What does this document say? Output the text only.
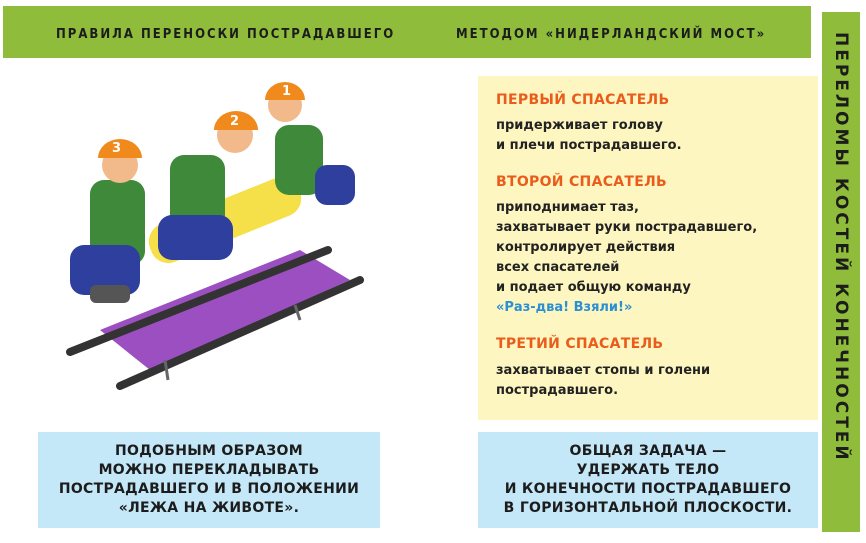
ПРАВИЛА ПЕРЕНОСКИ ПОСТРАДАВШЕГО	МЕТОДОМ «НИДЕРЛАНДСКИЙ МОСТ»	ПЕРЕЛОМЫ КОСТЕЙ КОНЕЧНОСТЕЙ
1
2
3
ПЕРВЫЙ СПАСАТЕЛЬ
придерживает голову
и плечи пострадавшего.
ВТОРОЙ СПАСАТЕЛЬ
приподнимает таз,
захватывает руки пострадавшего,
контролирует действия
всех спасателей
и подает общую команду
«Раз-два! Взяли!»
ТРЕТИЙ СПАСАТЕЛЬ
захватывает стопы и голени
пострадавшего.
ПОДОБНЫМ ОБРАЗОМ
МОЖНО ПЕРЕКЛАДЫВАТЬ
ПОСТРАДАВШЕГО И В ПОЛОЖЕНИИ
«ЛЕЖА НА ЖИВОТЕ».
ОБЩАЯ ЗАДАЧА —
УДЕРЖАТЬ ТЕЛО
И КОНЕЧНОСТИ ПОСТРАДАВШЕГО
В ГОРИЗОНТАЛЬНОЙ ПЛОСКОСТИ.
